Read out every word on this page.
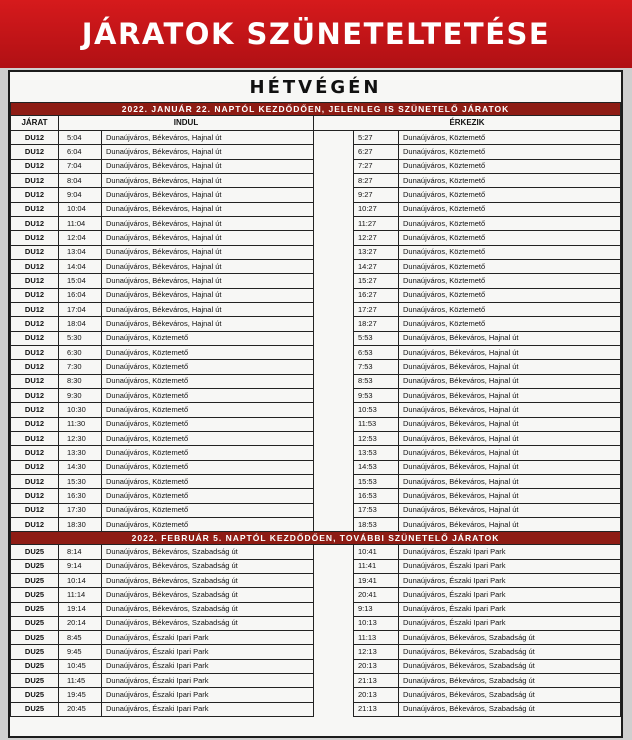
JÁRATOK SZÜNETELTETÉSE
HÉTVÉGÉN
2022. JANUÁR 22. NAPTÓL KEZDŐDŐEN, JELENLEG IS SZÜNETELŐ JÁRATOK					
JÁRAT	INDUL		ÉRKEZIK		
DU12	5:04	Dunaújváros, Békeváros, Hajnal út		5:27	Dunaújváros, Köztemető
DU12	6:04	Dunaújváros, Békeváros, Hajnal út		6:27	Dunaújváros, Köztemető
DU12	7:04	Dunaújváros, Békeváros, Hajnal út		7:27	Dunaújváros, Köztemető
DU12	8:04	Dunaújváros, Békeváros, Hajnal út		8:27	Dunaújváros, Köztemető
DU12	9:04	Dunaújváros, Békeváros, Hajnal út		9:27	Dunaújváros, Köztemető
DU12	10:04	Dunaújváros, Békeváros, Hajnal út		10:27	Dunaújváros, Köztemető
DU12	11:04	Dunaújváros, Békeváros, Hajnal út		11:27	Dunaújváros, Köztemető
DU12	12:04	Dunaújváros, Békeváros, Hajnal út		12:27	Dunaújváros, Köztemető
DU12	13:04	Dunaújváros, Békeváros, Hajnal út		13:27	Dunaújváros, Köztemető
DU12	14:04	Dunaújváros, Békeváros, Hajnal út		14:27	Dunaújváros, Köztemető
DU12	15:04	Dunaújváros, Békeváros, Hajnal út		15:27	Dunaújváros, Köztemető
DU12	16:04	Dunaújváros, Békeváros, Hajnal út		16:27	Dunaújváros, Köztemető
DU12	17:04	Dunaújváros, Békeváros, Hajnal út		17:27	Dunaújváros, Köztemető
DU12	18:04	Dunaújváros, Békeváros, Hajnal út		18:27	Dunaújváros, Köztemető
DU12	5:30	Dunaújváros, Köztemető		5:53	Dunaújváros, Békeváros, Hajnal út
DU12	6:30	Dunaújváros, Köztemető		6:53	Dunaújváros, Békeváros, Hajnal út
DU12	7:30	Dunaújváros, Köztemető		7:53	Dunaújváros, Békeváros, Hajnal út
DU12	8:30	Dunaújváros, Köztemető		8:53	Dunaújváros, Békeváros, Hajnal út
DU12	9:30	Dunaújváros, Köztemető		9:53	Dunaújváros, Békeváros, Hajnal út
DU12	10:30	Dunaújváros, Köztemető		10:53	Dunaújváros, Békeváros, Hajnal út
DU12	11:30	Dunaújváros, Köztemető		11:53	Dunaújváros, Békeváros, Hajnal út
DU12	12:30	Dunaújváros, Köztemető		12:53	Dunaújváros, Békeváros, Hajnal út
DU12	13:30	Dunaújváros, Köztemető		13:53	Dunaújváros, Békeváros, Hajnal út
DU12	14:30	Dunaújváros, Köztemető		14:53	Dunaújváros, Békeváros, Hajnal út
DU12	15:30	Dunaújváros, Köztemető		15:53	Dunaújváros, Békeváros, Hajnal út
DU12	16:30	Dunaújváros, Köztemető		16:53	Dunaújváros, Békeváros, Hajnal út
DU12	17:30	Dunaújváros, Köztemető		17:53	Dunaújváros, Békeváros, Hajnal út
DU12	18:30	Dunaújváros, Köztemető		18:53	Dunaújváros, Békeváros, Hajnal út
2022. FEBRUÁR 5. NAPTÓL KEZDŐDŐEN, TOVÁBBI SZÜNETELŐ JÁRATOK					
DU25	8:14	Dunaújváros, Békeváros, Szabadság út		10:41	Dunaújváros, Északi Ipari Park
DU25	9:14	Dunaújváros, Békeváros, Szabadság út		11:41	Dunaújváros, Északi Ipari Park
DU25	10:14	Dunaújváros, Békeváros, Szabadság út		19:41	Dunaújváros, Északi Ipari Park
DU25	11:14	Dunaújváros, Békeváros, Szabadság út		20:41	Dunaújváros, Északi Ipari Park
DU25	19:14	Dunaújváros, Békeváros, Szabadság út		9:13	Dunaújváros, Északi Ipari Park
DU25	20:14	Dunaújváros, Békeváros, Szabadság út		10:13	Dunaújváros, Északi Ipari Park
DU25	8:45	Dunaújváros, Északi Ipari Park		11:13	Dunaújváros, Békeváros, Szabadság út
DU25	9:45	Dunaújváros, Északi Ipari Park		12:13	Dunaújváros, Békeváros, Szabadság út
DU25	10:45	Dunaújváros, Északi Ipari Park		20:13	Dunaújváros, Békeváros, Szabadság út
DU25	11:45	Dunaújváros, Északi Ipari Park		21:13	Dunaújváros, Békeváros, Szabadság út
DU25	19:45	Dunaújváros, Északi Ipari Park		20:13	Dunaújváros, Békeváros, Szabadság út
DU25	20:45	Dunaújváros, Északi Ipari Park		21:13	Dunaújváros, Békeváros, Szabadság út
